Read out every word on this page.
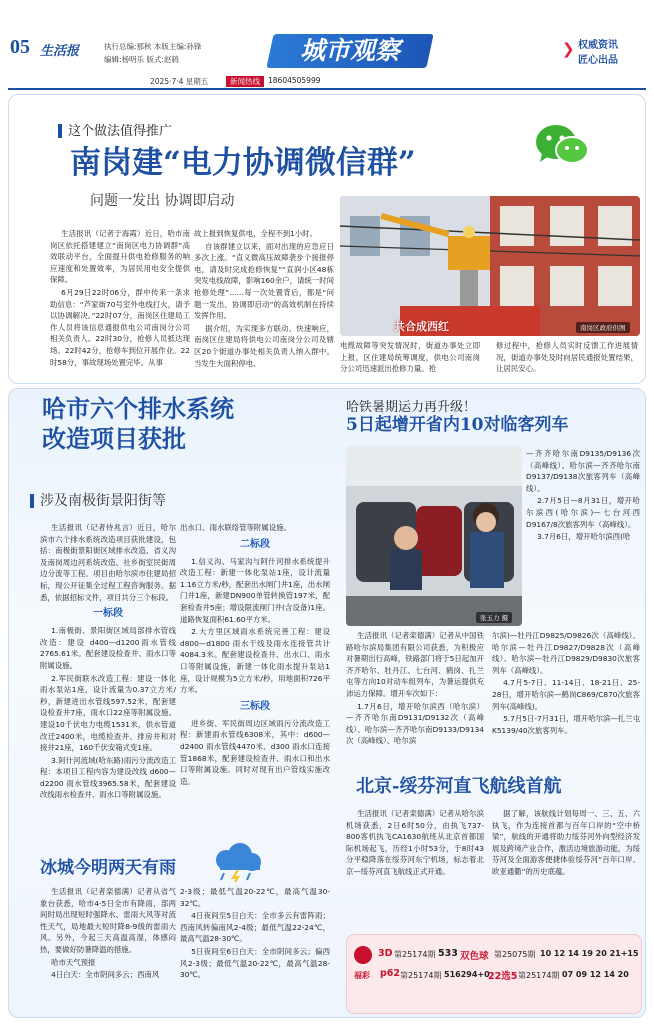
05 生活报	执行总编:那秋 本版主编:孙锋
编辑:杨明乐 版式:赵鸫	城市观察	❯ 权威资讯
匠心出品
2025·7·4 星期五	新闻热线	18604505999
这个做法值得推广
南岗建“电力协调微信群”
问题一发出 协调即启动

生活报讯（记者于海霞）近日，哈市南岗区依托搭建建立“南岗区电力协调群”高效联动平台，全面提升供电抢修服务的响应速度和处置效率，为居民用电安全提供保障。

6月29日22时06分，群中传来一条求助信息：“芦家街70号室外电线打火，请予以协调解决。”22时07分，南岗区住建局工作人员将该信息通报供电公司南岗分公司相关负责人。22时30分，抢修人员抵达现场。22时42分，抢修车到位开展作业。22时58分，事故现场处置完毕。从事

故上报到恢复供电，全程不到1小时。

自该群建立以来，面对出现的应急应日多次上涨。“直义微高压故障袭步个接报停电，请及时完成抢修恢复”“直润小区48栋突发电线故障，影响160余户，请统一时间抢修处理”……每一次处置背后，都是“问题一发出、协调即启动”的高效机制在持续发挥作用。

据介绍，为实现多方联动、快速响应，南岗区住建局将供电公司南岗分公司及辖区20个街道办事处相关负责人纳入群中。当发生大面积停电、

共合成西红	南岗区政府供图

电缆故障等突发情况时，街道办事处立即上报，区住建局统筹调度，供电公司南岗分公司迅速派出抢修力量。抢

修过程中，抢修人员实时反馈工作进展情况，街道办事处及时向居民通报处置结果，让居民安心。

哈市六个排水系统
改造项目获批
涉及南极街景阳街等

生活报讯（记者侍兆言）近日，哈尔滨市六个排水系统改造项目获批建设，包括：南极街景阳街区域排水改造、省义沟及南岗周边河系统改造、社乡街室民街周边分流等工程。项目由哈尔滨市住建局招标，现公开征集全过程工程咨询服务。据悉，依据招标文件，项目共分三个标段。

一标段

1.南极街、景阳街区域局部排水管线改造：建设 d400—d1200雨水管线2765.61米。配套建设检查井、雨水口等附属设施。

2.军民街联水改造工程：建设一体化雨水泵站1座，设计流量为0.37立方米/秒，新建进出水管线597.52米，配套建设检查井7座，雨水口22座等附属设施。建设10千伏电力电缆1531米，供水管道改迁2400米，电缆检查井、排房井和对接井21座，160千伏安箱式变1座。

3.阿什河流域(哈东路)雨污分流改造工程：本项目工程内容为建设改线 d600—d2200 雨水管线3965.58米，配套建设改线雨水检查井、雨水口等附属设施。

出水口、雨水联络管等附属设施。

二标段

1.信义沟、马家沟与阿什河排水系统提升改造工程：新建一体化泵站1座，设计流量1.16立方米/秒，配套出水闸门井1座，出水闸门井1座，新建DN900单管转换管197米，配套检查井5座；增设限流闸门井(含设备)1座。道路恢复面积61.60平方米。

2.大方里区域雨水系统完善工程：建设 d800—d1800 雨水干线及雨水连接管共计4084.3米。配套建设检查井、出水口、雨水口等附属设施，新建一体化雨水提升泵站1座，设计规模为5立方米/秒，用地面积726平方米。

三标段

进乡街、军民街周边区域雨污分流改造工程：新建雨水管线6308米，其中：d600—d2400 雨水管线4470米、d300 雨水口连接管1868米，配套建设检查井、雨水口和出水口等附属设施。同时对现有出户管线实施改造。

哈铁暑期运力再升级！
5日起增开省内10对临客列车
张玉力 摄

—齐齐哈尔南D9135/D9136次（高峰线）、哈尔滨—齐齐哈尔南D9137/D9138次旅客列车（高峰线）。

2.7月5日—8月31日，增开哈尔滨西(哈尔滨)—七台河西D9167/8次旅客列车（高峰线）。

3.7月6日，增开哈尔滨西(哈

生活报讯（记者栾德满）记者从中国铁路哈尔滨局集团有限公司获悉，为积极应对暑期出行高峰，铁路部门将于5日起加开齐齐哈尔、牡丹江、七台河、鹤岗、扎兰屯等方向10对动车组列车，为暑运提供充沛运力保障。增开车次如下：

1.7月6日，增开哈尔滨西（哈尔滨）—齐齐哈尔南D9131/D9132次（高峰线）、哈尔滨—齐齐哈尔南D9133/D9134次（高峰线）、哈尔滨

尔滨)—牡丹江D9825/D9826次（高峰线）、哈尔滨—牡丹江D9827/D9828次（高峰线）、哈尔滨—牡丹江D9829/D9830次旅客列车（高峰线）。

4.7月5-7日、11-14日、18-21日、25-28日，增开哈尔滨—鹤岗C869/C870次旅客列车(高峰线)。

5.7月5日-7月31日，增开哈尔滨—扎兰屯K5139/40次旅客列车。

北京-绥芬河直飞航线首航

生活报讯（记者栾德满）记者从哈尔滨机场获悉，2日6时50分，由执飞737-800客机执飞CA1630航班从北京首都国际机场起飞，历经1小时53分，于8时43分平稳降落在绥芬河东宁机场，标志着北京—绥芬河直飞航线正式开通。

据了解，该航线计划每周一、三、五、六执飞，作为连接首都与百年口岸的“空中桥梁”，航线的开通将助力绥芬河外向型经济发展及跨境产业合作，激活边境旅游动能，为绥芬河及全面游客便捷体验绥芬河“百年口岸、欧亚通衢”的历史底蕴。

冰城今明两天有雨

生活报讯（记者栾德满）记者从省气象台获悉，哈市4-5日全市有降雨，部两间时局出现短时强降水、雷雨大风等对流性天气，局地最大短时降8-9级的雷雨大风。另外，今起三天高温高湿，体感闷热，要做好防暑降温的措施。

哈市天气预报

4日白天：全市阴间多云；西南风

2-3级；最低气温20-22℃，最高气温30-32℃。

4日夜间至5日白天：全市多云有雷阵雨；西南风转偏南风2-4级；最低气温22-24℃，最高气温28-30℃。

5日夜间至6日白天：全市阴间多云；偏西风2-3级；最低气温20-22℃，最高气温28-30℃。

3D 第25174期 533 双色球 第25075期 10 12 14 19 20 21+15
福彩 p62 第25174期 516294+0
22选5 第25174期 07 09 12 14 20
